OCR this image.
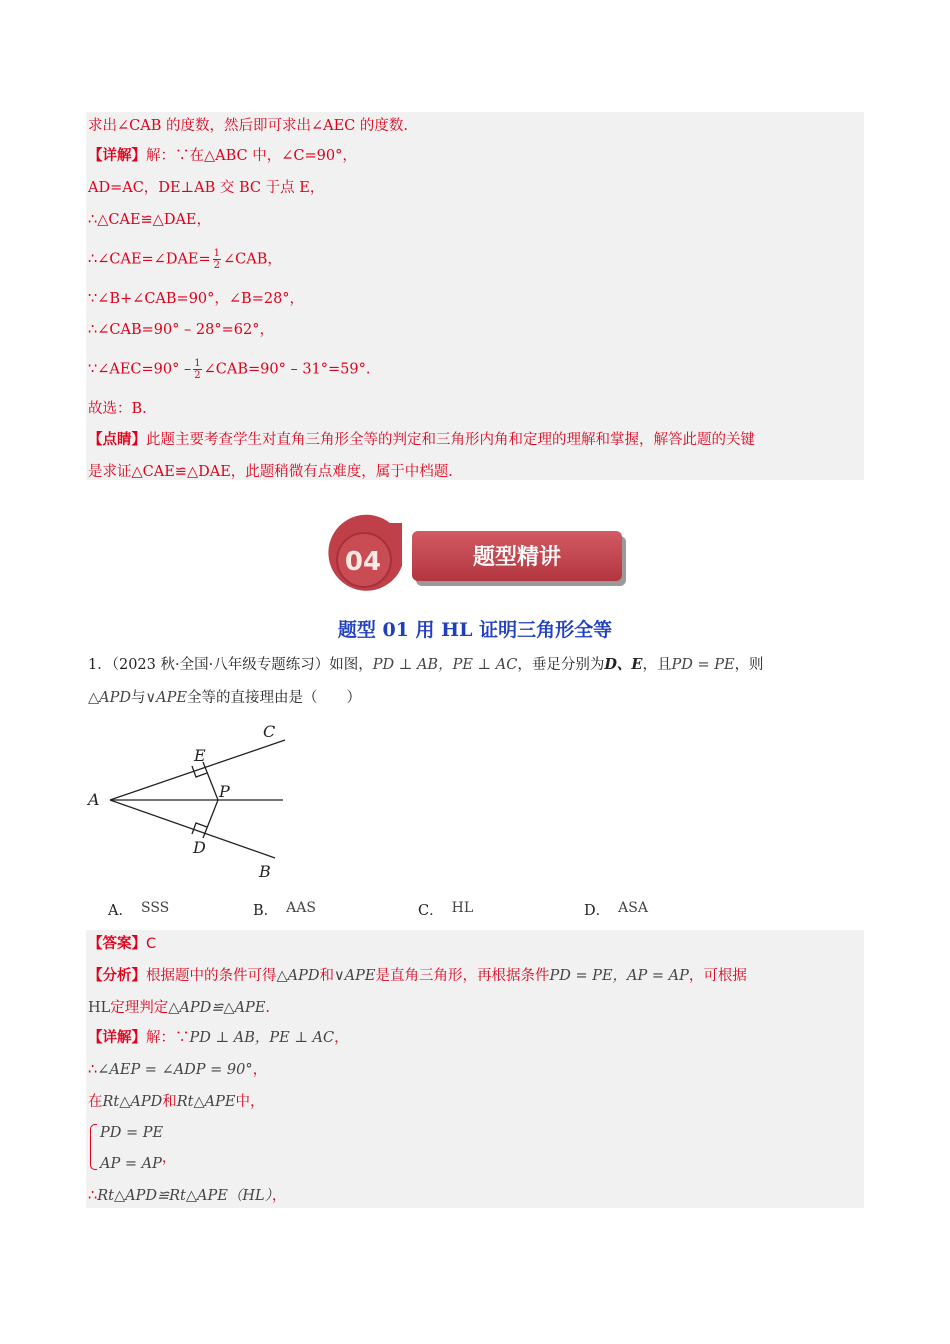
求出∠CAB 的度数，然后即可求出∠AEC 的度数.
【详解】解：∵在△ABC 中，∠C=90°，
AD=AC，DE⊥AB 交 BC 于点 E，
∴△CAE≌△DAE，
∴∠CAE=∠DAE= $\frac{1}{2}$ ∠CAB，
∵∠B+∠CAB=90°，∠B=28°，
∴∠CAB=90° – 28°=62°，
∵∠AEC=90° – $\frac{1}{2}$ ∠CAB=90° – 31°=59°.
故选：B.
【点睛】此题主要考查学生对直角三角形全等的判定和三角形内角和定理的理解和掌握，解答此题的关键
是求证△CAE≌△DAE，此题稍微有点难度，属于中档题.
04	题型精讲
题型 01 用 HL 证明三角形全等
1．（2023 秋·全国·八年级专题练习）如图，PD ⊥ AB，PE ⊥ AC，垂足分别为D、E，且PD = PE，则
△APD与∨APE全等的直接理由是（　　）
A
C
E
P
D
B
A． SSS	B． AAS	C． HL	D． ASA
【答案】C
【分析】根据题中的条件可得△APD和∨APE是直角三角形，再根据条件PD = PE，AP = AP，可根据
HL定理判定△APD≌△APE.
【详解】解：∵PD ⊥ AB，PE ⊥ AC，
∴∠AEP = ∠ADP = 90°，
在Rt△APD和Rt△APE中，
PD = PE
AP = AP，
∴Rt△APD≌Rt△APE（HL），
